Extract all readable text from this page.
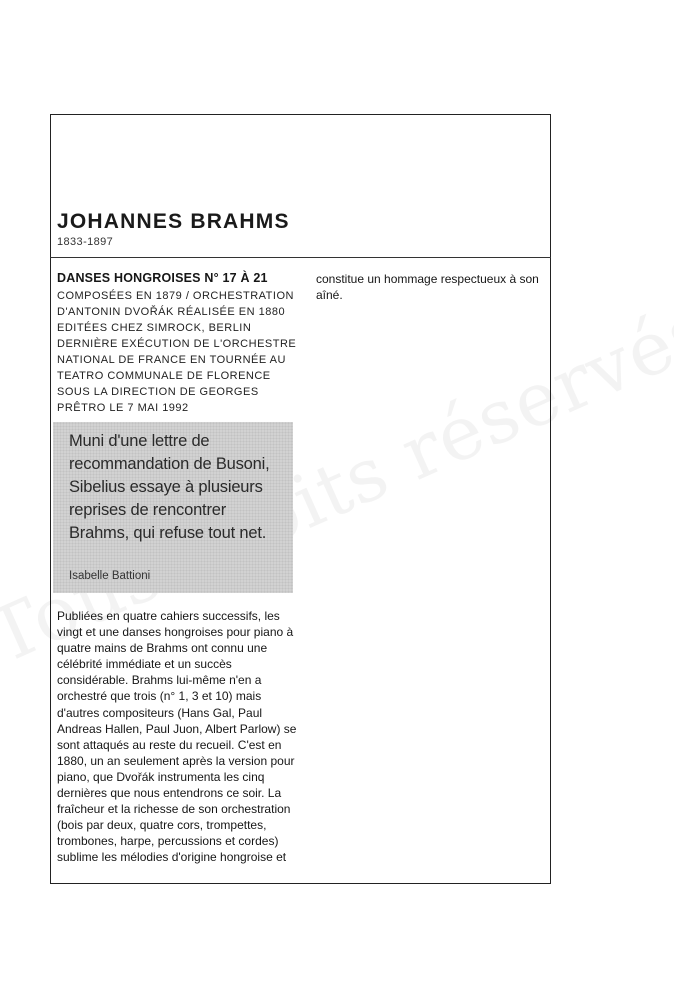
JOHANNES BRAHMS
1833-1897
DANSES HONGROISES N° 17 À 21
COMPOSÉES EN 1879 / ORCHESTRATION
D'ANTONIN DVOŘÁK RÉALISÉE EN 1880
EDITÉES CHEZ SIMROCK, BERLIN
DERNIÈRE EXÉCUTION DE L'ORCHESTRE
NATIONAL DE FRANCE EN TOURNÉE AU
TEATRO COMMUNALE DE FLORENCE
SOUS LA DIRECTION DE GEORGES
PRÊTRO LE 7 MAI 1992
Muni d'une lettre de recommandation de Busoni, Sibelius essaye à plusieurs reprises de rencontrer Brahms, qui refuse tout net.
Isabelle Battioni
Publiées en quatre cahiers successifs, les vingt et une danses hongroises pour piano à quatre mains de Brahms ont connu une célébrité immédiate et un succès considérable. Brahms lui-même n'en a orchestré que trois (n° 1, 3 et 10) mais d'autres compositeurs (Hans Gal, Paul Andreas Hallen, Paul Juon, Albert Parlow) se sont attaqués au reste du recueil. C'est en 1880, un an seulement après la version pour piano, que Dvořák instrumenta les cinq dernières que nous entendrons ce soir. La fraîcheur et la richesse de son orchestration (bois par deux, quatre cors, trompettes, trombones, harpe, percussions et cordes) sublime les mélodies d'origine hongroise et
constitue un hommage respectueux à son aîné.
